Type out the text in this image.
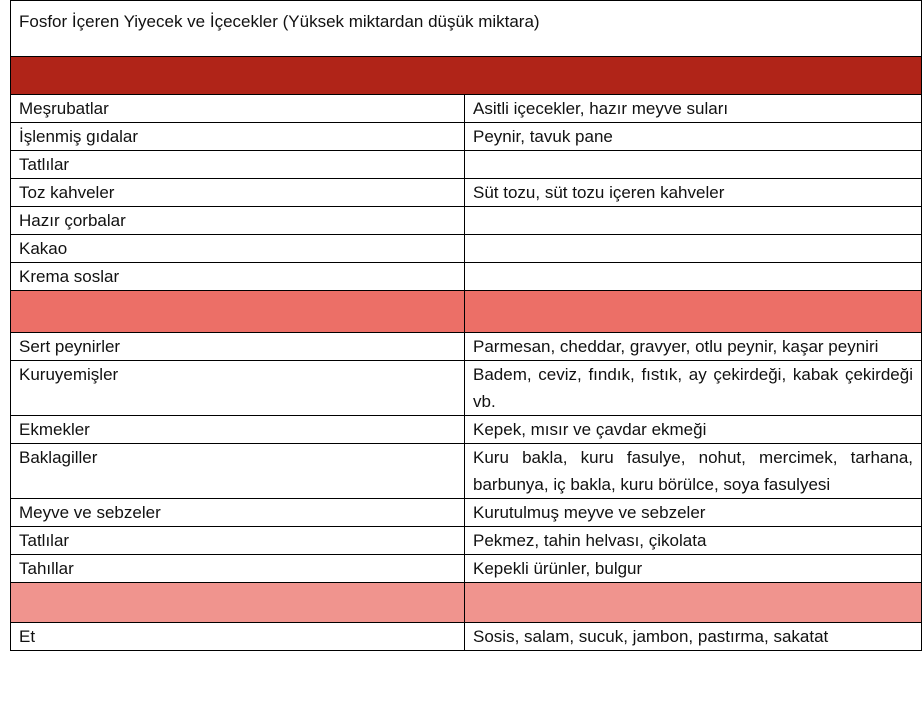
Fosfor İçeren Yiyecek ve İçecekler (Yüksek miktardan düşük miktara)	

Meşrubatlar	Asitli içecekler, hazır meyve suları
İşlenmiş gıdalar	Peynir, tavuk pane
Tatlılar	
Toz kahveler	Süt tozu, süt tozu içeren kahveler
Hazır çorbalar	
Kakao	
Krema soslar	

Sert peynirler	Parmesan, cheddar, gravyer, otlu peynir, kaşar peyniri
Kuruyemişler	Badem, ceviz, fındık, fıstık, ay çekirdeği, kabak çekirdeği vb.
Ekmekler	Kepek, mısır ve çavdar ekmeği
Baklagiller	Kuru bakla, kuru fasulye, nohut, mercimek, tarhana, barbunya, iç bakla, kuru börülce, soya fasulyesi
Meyve ve sebzeler	Kurutulmuş meyve ve sebzeler
Tatlılar	Pekmez, tahin helvası, çikolata
Tahıllar	Kepekli ürünler, bulgur

Et	Sosis, salam, sucuk, jambon, pastırma, sakatat
